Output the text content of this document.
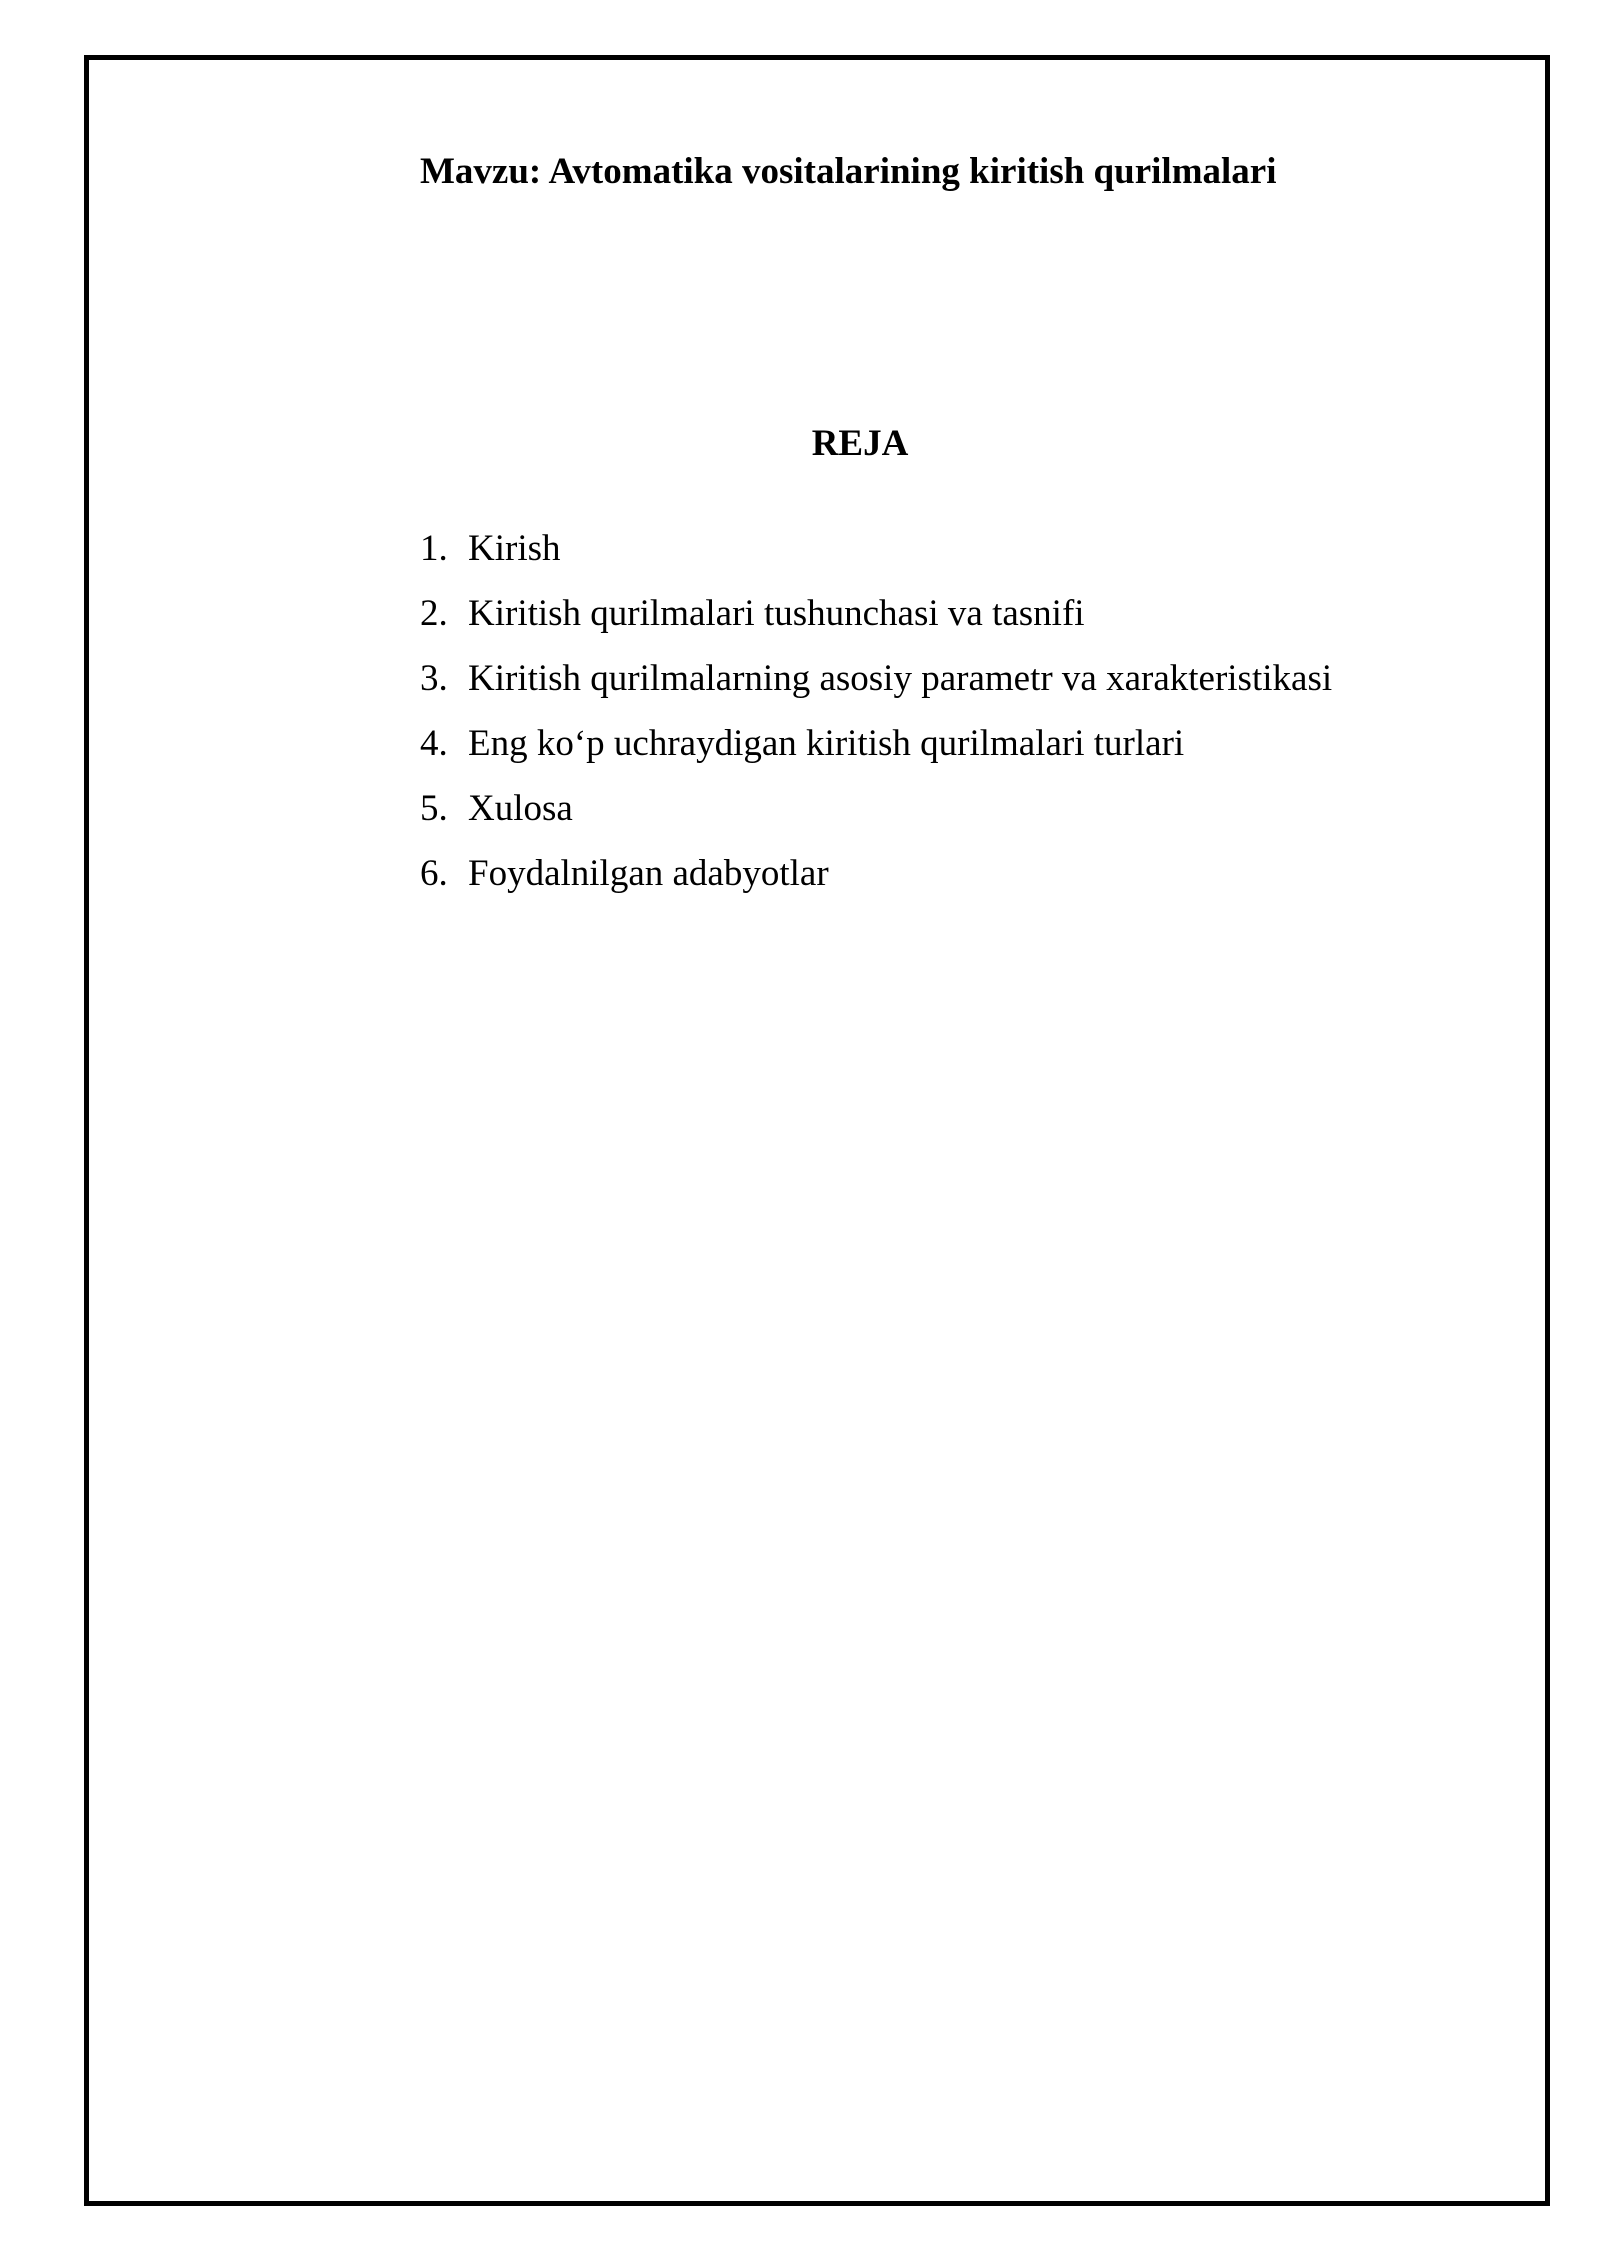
Mavzu: Avtomatika vositalarining kiritish qurilmalari
REJA
1. Kirish
2. Kiritish qurilmalari tushunchasi va tasnifi
3. Kiritish qurilmalarning asosiy parametr va xarakteristikasi
4. Eng ko‘p uchraydigan kiritish qurilmalari turlari
5. Xulosa
6. Foydalnilgan adabyotlar
